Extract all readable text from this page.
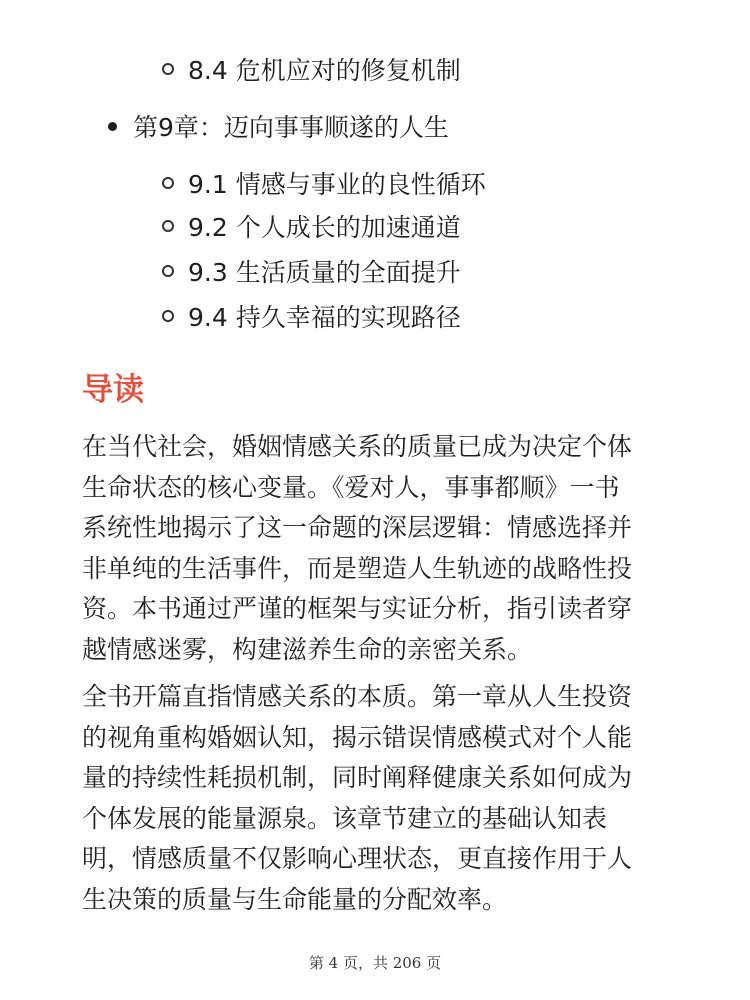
8.4 危机应对的修复机制
第9章：迈向事事顺遂的人生
9.1 情感与事业的良性循环
9.2 个人成长的加速通道
9.3 生活质量的全面提升
9.4 持久幸福的实现路径
导读
在当代社会，婚姻情感关系的质量已成为决定个体
生命状态的核心变量。《爱对人，事事都顺》一书
系统性地揭示了这一命题的深层逻辑：情感选择并
非单纯的生活事件，而是塑造人生轨迹的战略性投
资。本书通过严谨的框架与实证分析，指引读者穿
越情感迷雾，构建滋养生命的亲密关系。
全书开篇直指情感关系的本质。第一章从人生投资
的视角重构婚姻认知，揭示错误情感模式对个人能
量的持续性耗损机制，同时阐释健康关系如何成为
个体发展的能量源泉。该章节建立的基础认知表
明，情感质量不仅影响心理状态，更直接作用于人
生决策的质量与生命能量的分配效率。
第 4 页，共 206 页
